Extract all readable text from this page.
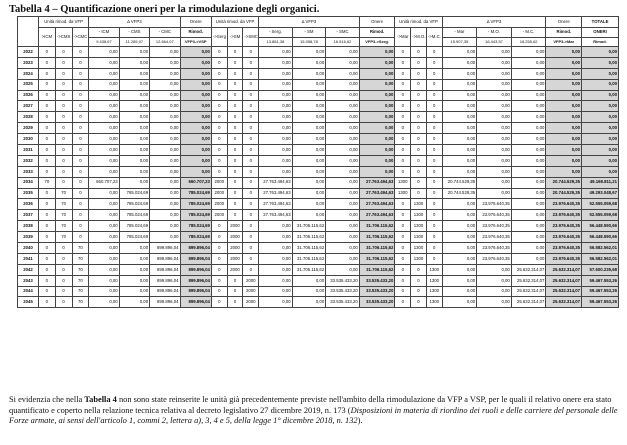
Tabella 4 – Quantificazione oneri per la rimodulazione degli organici.
	Unità rimod. da VFP			Δ VFP3			Onere	Unità rimod. da VFP			Δ VFP3			Onere	Unità rimod. da VFP			Δ VFP3			Onere	TOTALE
	>ICM	->CMS	->CMC	- ICM	- CMS	- CMC	Rimod.	->Serg	->SM	->SMC	- Serg.	- SM	- SMC	Rimod.	->Mar	->M.O.	->M.C.	- Mar	- M.O.	- M.C.	Rimod.	ONERI
				9.438,67	11.285,07	12.664,07	VFP3->VSP				13.881,38	15.058,78	16.516,62	VFP3->Serg.				15.907,35	16.443,57	18.255,62	VFP3->Mar	Rimod.
2022	0	0	0	0,00	0,00	0,00	0,00	0	0	0	0,00	0,00	0,00	0,00	0	0	0	0,00	0,00	0,00	0,00	0,00
2023	0	0	0	0,00	0,00	0,00	0,00	0	0	0	0,00	0,00	0,00	0,00	0	0	0	0,00	0,00	0,00	0,00	0,00
2024	0	0	0	0,00	0,00	0,00	0,00	0	0	0	0,00	0,00	0,00	0,00	0	0	0	0,00	0,00	0,00	0,00	0,00
2025	0	0	0	0,00	0,00	0,00	0,00	0	0	0	0,00	0,00	0,00	0,00	0	0	0	0,00	0,00	0,00	0,00	0,00
2026	0	0	0	0,00	0,00	0,00	0,00	0	0	0	0,00	0,00	0,00	0,00	0	0	0	0,00	0,00	0,00	0,00	0,00
2027	0	0	0	0,00	0,00	0,00	0,00	0	0	0	0,00	0,00	0,00	0,00	0	0	0	0,00	0,00	0,00	0,00	0,00
2028	0	0	0	0,00	0,00	0,00	0,00	0	0	0	0,00	0,00	0,00	0,00	0	0	0	0,00	0,00	0,00	0,00	0,00
2029	0	0	0	0,00	0,00	0,00	0,00	0	0	0	0,00	0,00	0,00	0,00	0	0	0	0,00	0,00	0,00	0,00	0,00
2030	0	0	0	0,00	0,00	0,00	0,00	0	0	0	0,00	0,00	0,00	0,00	0	0	0	0,00	0,00	0,00	0,00	0,00
2031	0	0	0	0,00	0,00	0,00	0,00	0	0	0	0,00	0,00	0,00	0,00	0	0	0	0,00	0,00	0,00	0,00	0,00
2032	0	0	0	0,00	0,00	0,00	0,00	0	0	0	0,00	0,00	0,00	0,00	0	0	0	0,00	0,00	0,00	0,00	0,00
2033	0	0	0	0,00	0,00	0,00	0,00	0	0	0	0,00	0,00	0,00	0,00	0	0	0	0,00	0,00	0,00	0,00	0,00
2034	70	0	0	660.707,23	0,00	0,00	660.707,23	2000	0	0	27.763.494,63	0,00	0,00	27.763.494,63	1300	0	0	20.744.529,35	0,00	0,00	20.744.529,35	49.168.811,21
2035	0	70	0	0,00	785.024,69	0,00	785.024,69	2000	0	0	27.763.494,63	0,00	0,00	27.763.494,63	1300	0	0	20.744.529,35	0,00	0,00	20.744.529,35	49.293.048,67
2036	0	70	0	0,00	785.024,69	0,00	785.024,69	2000	0	0	27.763.494,63	0,00	0,00	27.763.494,63	0	1300	0	0,00	23.976.640,35	0,00	23.976.640,35	52.555.059,68
2037	0	70	0	0,00	785.024,69	0,00	785.024,69	2000	0	0	27.763.494,63	0,00	0,00	27.763.494,63	0	1300	0	0,00	23.976.640,35	0,00	23.976.640,35	52.555.059,68
2038	0	70	0	0,00	785.024,69	0,00	785.024,69	0	2000	0	0,00	31.706.115,62	0,00	31.706.115,62	0	1300	0	0,00	23.976.640,35	0,00	23.976.640,35	56.448.590,66
2039	0	70	0	0,00	785.024,69	0,00	785.024,69	0	2000	0	0,00	31.706.115,62	0,00	31.706.115,62	0	1300	0	0,00	23.976.640,35	0,00	23.976.640,35	56.448.590,66
2040	0	0	70	0,00	0,00	899.896,04	899.896,04	0	2000	0	0,00	31.706.115,62	0,00	31.706.115,62	0	1300	0	0,00	23.976.640,35	0,00	23.976.640,35	56.582.562,01
2041	0	0	70	0,00	0,00	899.896,04	899.896,04	0	2000	0	0,00	31.706.115,62	0,00	31.706.115,62	0	1300	0	0,00	23.976.640,35	0,00	23.976.640,35	56.582.562,01
2042	0	0	70	0,00	0,00	899.896,04	899.896,04	0	2000	0	0,00	31.706.115,62	0,00	31.706.115,62	0	0	1300	0,00	0,00	25.632.314,07	25.632.314,07	57.600.235,68
2043	0	0	70	0,00	0,00	899.896,04	899.896,04	0	0	2000	0,00	0,00	33.535.433,20	33.535.433,20	0	0	1300	0,00	0,00	25.632.314,07	25.632.314,07	59.467.553,26
2044	0	0	70	0,00	0,00	899.896,04	899.896,04	0	0	2000	0,00	0,00	33.535.433,20	33.535.433,20	0	0	1300	0,00	0,00	25.632.314,07	25.632.314,07	59.467.553,26
2045	0	0	70	0,00	0,00	899.896,04	899.896,04	0	0	2000	0,00	0,00	33.535.433,20	33.535.433,20	0	0	1300	0,00	0,00	25.632.314,07	25.632.314,07	59.467.553,26
Si evidenzia che nella Tabella 4 non sono state reinserite le unità già precedentemente previste nell'ambito della rimodulazione da VFP a VSP, per le quali il relativo onere era stato quantificato e coperto nella relazione tecnica relativa al decreto legislativo 27 dicembre 2019, n. 173 (Disposizioni in materia di riordino dei ruoli e delle carriere del personale delle Forze armate, ai sensi dell'articolo 1, commi 2, lettera a), 3, 4 e 5, della legge 1° dicembre 2018, n. 132).
